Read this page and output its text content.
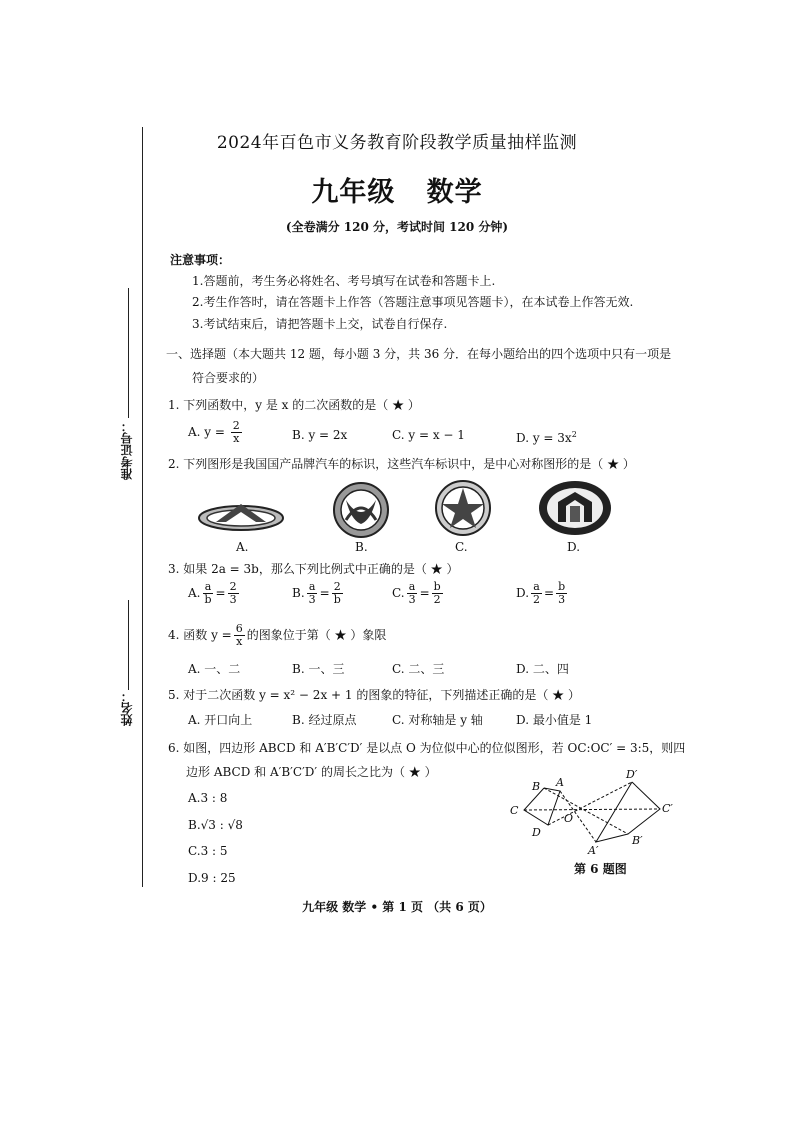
2024年百色市义务教育阶段教学质量抽样监测
九年级   数学
(全卷满分 120 分，考试时间 120 分钟)
准考证号：
姓名：
注意事项：
1.答题前，考生务必将姓名、考号填写在试卷和答题卡上.
2.考生作答时，请在答题卡上作答（答题注意事项见答题卡），在本试卷上作答无效.
3.考试结束后，请把答题卡上交，试卷自行保存.
一、选择题（本大题共 12 题，每小题 3 分，共 36 分．在每小题给出的四个选项中只有一项是
符合要求的）
1. 下列函数中，y 是 x 的二次函数的是（ ★ ）
A. $y = \frac{2}{x}$	B. y = 2x	C. y = x − 1	D. $y = 3x^2$
2. 下列图形是我国国产品牌汽车的标识，这些汽车标识中，是中心对称图形的是（ ★ ）
A.	B.	C.	D.
3. 如果 2a = 3b，那么下列比例式中正确的是（ ★ ）
A. $\frac{a}{b} = \frac{2}{3}$	B. $\frac{a}{3} = \frac{2}{b}$	C. $\frac{a}{3} = \frac{b}{2}$	D. $\frac{a}{2} = \frac{b}{3}$
4. 函数 $y = \frac{6}{x}$ 的图象位于第（ ★ ）象限
A. 一、二	B. 一、三	C. 二、三	D. 二、四
5. 对于二次函数 y = x² − 2x + 1 的图象的特征，下列描述正确的是（ ★ ）
A. 开口向上	B. 经过原点	C. 对称轴是 y 轴	D. 最小值是 1
6. 如图，四边形 ABCD 和 A′B′C′D′ 是以点 O 为位似中心的位似图形，若 OC:OC′ = 3:5，则四
边形 ABCD 和 A′B′C′D′ 的周长之比为（ ★ ）
A.3 : 8
B.√3 : √8
C.3 : 5
D.9 : 25
B A
C
D
O
D′
C′
B′
A′
第 6 题图
九年级 数学 • 第 1 页 （共 6 页）
